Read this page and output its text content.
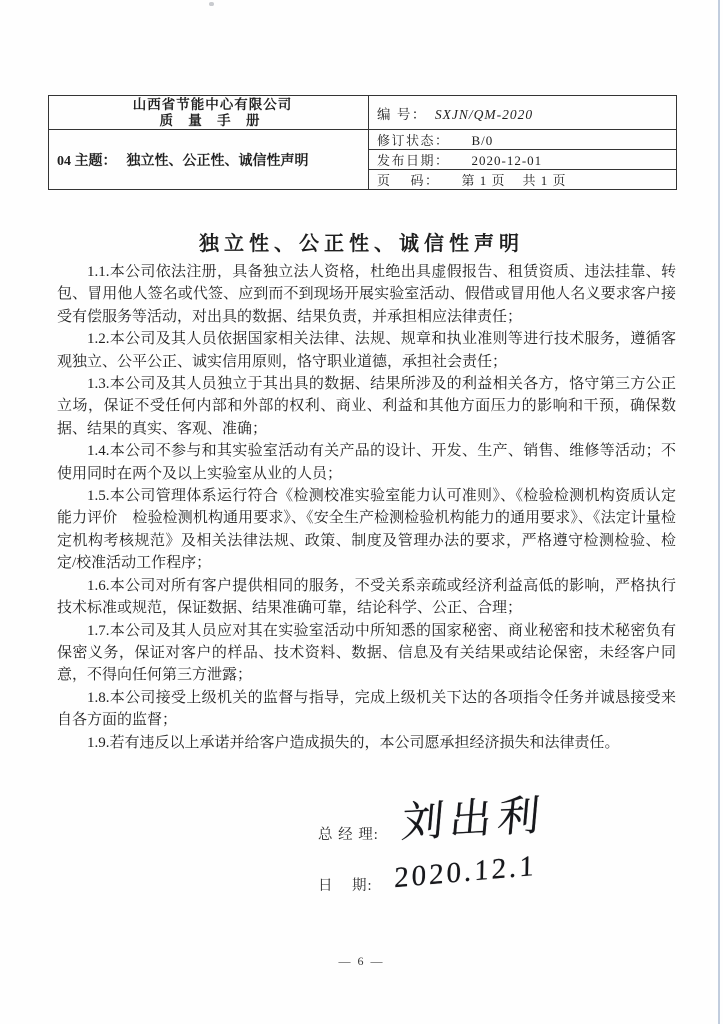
山西省节能中心有限公司
质 量 手 册	编 号： SXJN/QM-2020
04 主题： 独立性、公正性、诚信性声明	修订状态： B/0
	发布日期： 2020-12-01
	页    码： 第 1 页    共 1 页
独立性、公正性、诚信性声明

1.1.本公司依法注册，具备独立法人资格，杜绝出具虚假报告、租赁资质、违法挂靠、转包、冒用他人签名或代签、应到而不到现场开展实验室活动、假借或冒用他人名义要求客户接受有偿服务等活动，对出具的数据、结果负责，并承担相应法律责任；

1.2.本公司及其人员依据国家相关法律、法规、规章和执业准则等进行技术服务，遵循客观独立、公平公正、诚实信用原则，恪守职业道德，承担社会责任；

1.3.本公司及其人员独立于其出具的数据、结果所涉及的利益相关各方，恪守第三方公正立场，保证不受任何内部和外部的权利、商业、利益和其他方面压力的影响和干预，确保数据、结果的真实、客观、准确；

1.4.本公司不参与和其实验室活动有关产品的设计、开发、生产、销售、维修等活动；不使用同时在两个及以上实验室从业的人员；

1.5.本公司管理体系运行符合《检测校准实验室能力认可准则》、《检验检测机构资质认定能力评价　检验检测机构通用要求》、《安全生产检测检验机构能力的通用要求》、《法定计量检定机构考核规范》及相关法律法规、政策、制度及管理办法的要求，严格遵守检测检验、检定/校准活动工作程序；

1.6.本公司对所有客户提供相同的服务，不受关系亲疏或经济利益高低的影响，严格执行技术标准或规范，保证数据、结果准确可靠，结论科学、公正、合理；

1.7.本公司及其人员应对其在实验室活动中所知悉的国家秘密、商业秘密和技术秘密负有保密义务，保证对客户的样品、技术资料、数据、信息及有关结果或结论保密，未经客户同意，不得向任何第三方泄露；

1.8.本公司接受上级机关的监督与指导，完成上级机关下达的各项指令任务并诚恳接受来自各方面的监督；

1.9.若有违反以上承诺并给客户造成损失的，本公司愿承担经济损失和法律责任。

总 经 理: 刘出利
日    期: 2020.12.1
— 6 —
